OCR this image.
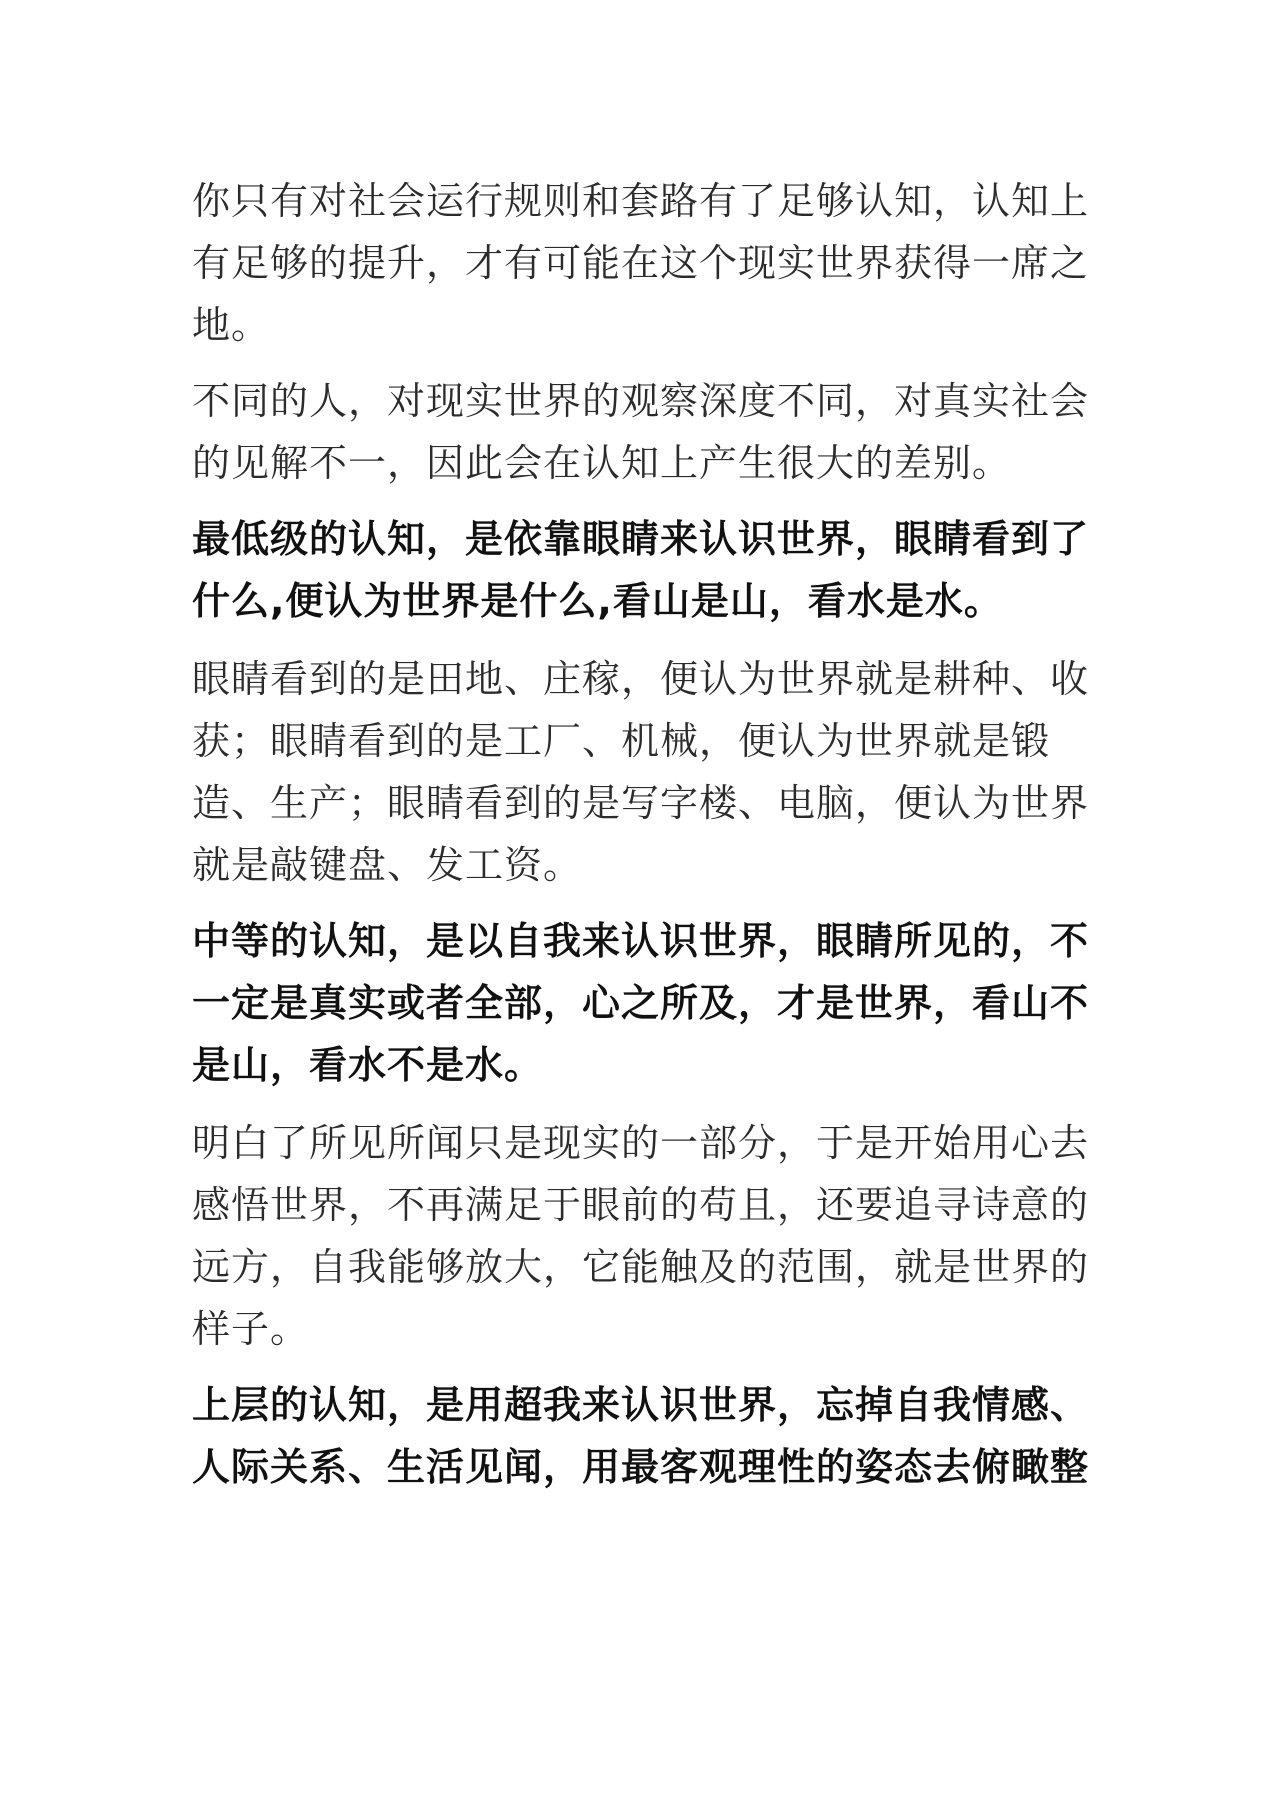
你只有对社会运行规则和套路有了足够认知，认知上有足够的提升，才有可能在这个现实世界获得一席之地。

不同的人，对现实世界的观察深度不同，对真实社会的见解不一，因此会在认知上产生很大的差别。

最低级的认知，是依靠眼睛来认识世界，眼睛看到了什么,便认为世界是什么,看山是山，看水是水。

眼睛看到的是田地、庄稼，便认为世界就是耕种、收获；眼睛看到的是工厂、机械，便认为世界就是锻造、生产；眼睛看到的是写字楼、电脑，便认为世界就是敲键盘、发工资。

中等的认知，是以自我来认识世界，眼睛所见的，不一定是真实或者全部，心之所及，才是世界，看山不是山，看水不是水。

明白了所见所闻只是现实的一部分，于是开始用心去感悟世界，不再满足于眼前的苟且，还要追寻诗意的远方，自我能够放大，它能触及的范围，就是世界的样子。

上层的认知，是用超我来认识世界，忘掉自我情感、人际关系、生活见闻，用最客观理性的姿态去俯瞰整
